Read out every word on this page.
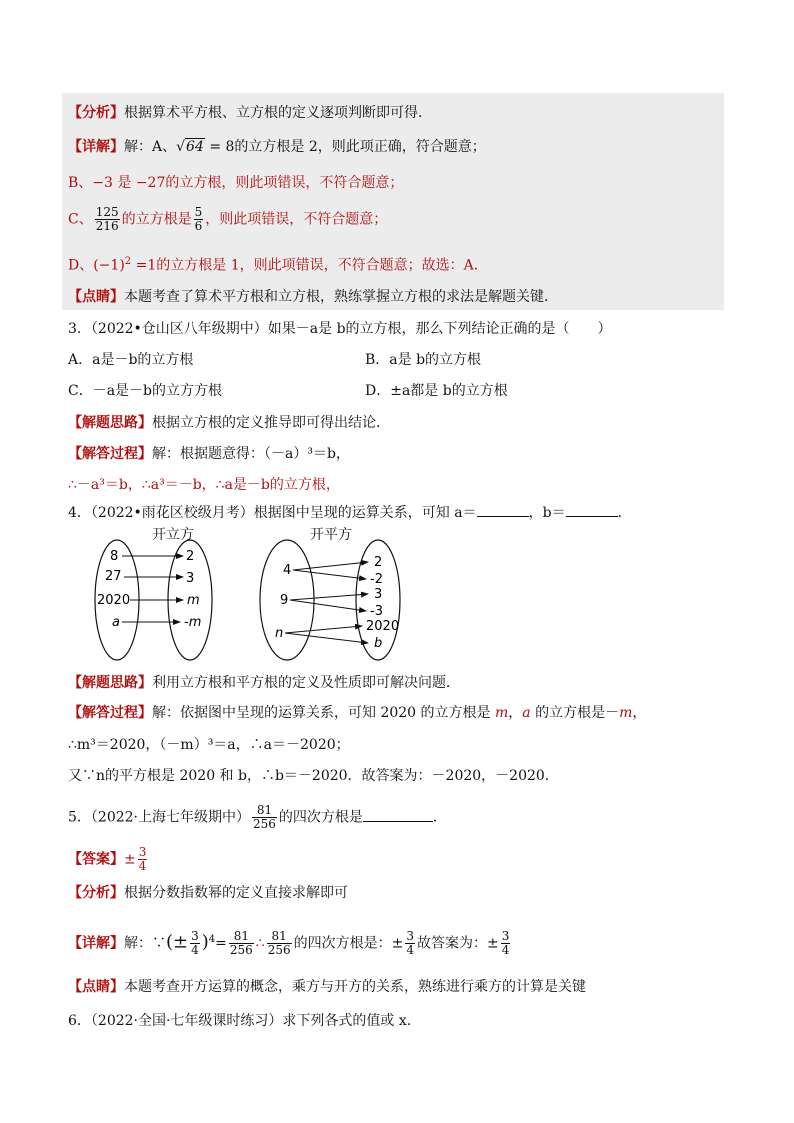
【分析】根据算术平方根、立方根的定义逐项判断即可得．
【详解】解：A、√64 = 8的立方根是 2，则此项正确，符合题意；
B、−3 是 −27的立方根，则此项错误，不符合题意；
C、 $\frac{125}{216}$ 的立方根是 $\frac{5}{6}$ ，则此项错误，不符合题意；
D、$(-1)^2 =1$的立方根是 1，则此项错误，不符合题意；故选：A．
【点睛】本题考查了算术平方根和立方根，熟练掌握立方根的求法是解题关键．
3．（2022•仓山区八年级期中）如果－a是 b的立方根，那么下列结论正确的是（　　）
A．a是－b的立方根	B．a是 b的立方根
C．－a是－b的立方方根	D．±a都是 b的立方根
【解题思路】根据立方根的定义推导即可得出结论．
【解答过程】解：根据题意得：（－a）³＝b，
∴－a³＝b，∴a³＝－b，∴a是－b的立方根，
4．（2022•雨花区校级月考）根据图中呈现的运算关系，可知 a＝	，b＝	．
开立方
8
27
2020
a
2
3
m
-m
开平方
4
9
n
2
-2
3
-3
2020
b
【解题思路】利用立方根和平方根的定义及性质即可解决问题．
【解答过程】解：依据图中呈现的运算关系，可知 2020 的立方根是 m，a 的立方根是－m，
∴m³＝2020，（－m）³＝a，∴a＝－2020；
又∵n的平方根是 2020 和 b，∴b＝－2020．故答案为：－2020，－2020．
5．（2022·上海七年级期中） $\frac{81}{256}$ 的四次方根是	．
【答案】± $\frac{3}{4}$
【分析】根据分数指数幂的定义直接求解即可
【详解】解：∵(± $\frac{3}{4} )^4= \frac{81}{256}$ ∴ $\frac{81}{256}$ 的四次方根是：± $\frac{3}{4}$ 故答案为：± $\frac{3}{4}$
【点睛】本题考查开方运算的概念，乘方与开方的关系，熟练进行乘方的计算是关键
6．（2022·全国·七年级课时练习）求下列各式的值或 x.
